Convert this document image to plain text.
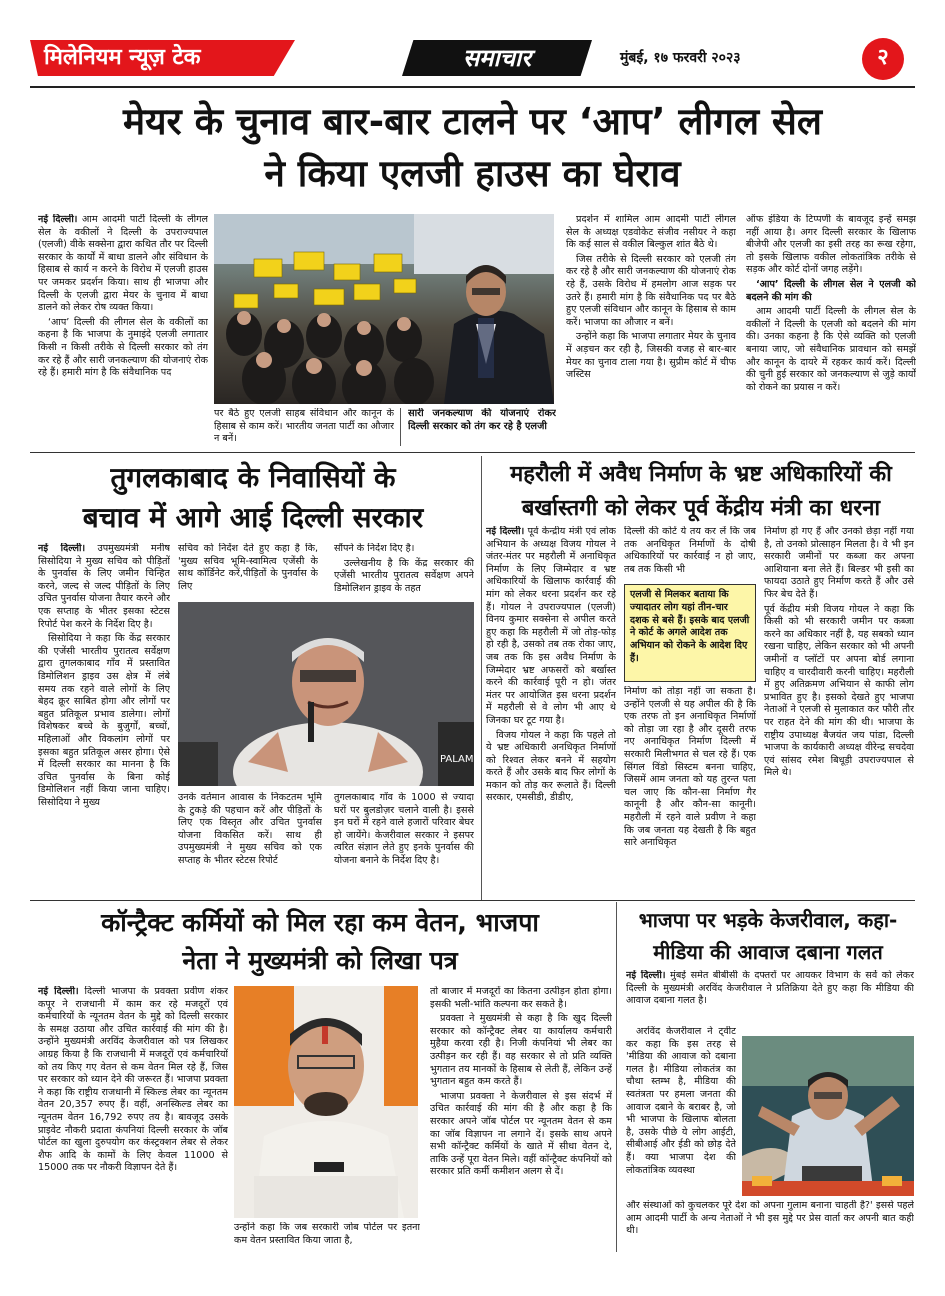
मिलेनियम न्यूज़ टेक	समाचार	मुंबई, १७ फरवरी २०२३	२
मेयर के चुनाव बार-बार टालने पर ‘आप’ लीगल सेल
ने किया एलजी हाउस का घेराव

नई दिल्ली। आम आदमी पार्टी दिल्ली के लीगल सेल के वकीलों ने दिल्ली के उपराज्यपाल (एलजी) वीके सक्सेना द्वारा कथित तौर पर दिल्ली सरकार के कार्यों में बाधा डालने और संविधान के हिसाब से कार्य न करने के विरोध में एलजी हाउस पर जमकर प्रदर्शन किया। साथ ही भाजपा और दिल्ली के एलजी द्वारा मेयर के चुनाव में बाधा डालने को लेकर रोष व्यक्त किया।

‘आप’ दिल्ली की लीगल सेल के वकीलों का कहना है कि भाजपा के नुमाइंदे एलजी लगातार किसी न किसी तरीके से दिल्ली सरकार को तंग कर रहे हैं और सारी जनकल्याण की योजनाएं रोक रहे हैं। हमारी मांग है कि संवैधानिक पद

पर बैठे हुए एलजी साहब संविधान और कानून के हिसाब से काम करें। भारतीय जनता पार्टी का औजार न बनें।
सारी जनकल्याण की योजनाएं रोकर दिल्ली सरकार को तंग कर रहे है एलजी

प्रदर्शन में शामिल आम आदमी पार्टी लीगल सेल के अध्यक्ष एडवोकेट संजीव नसीयर ने कहा कि कई साल से वकील बिल्कुल शांत बैठे थे।

जिस तरीके से दिल्ली सरकार को एलजी तंग कर रहे है और सारी जनकल्याण की योजनाएं रोक रहे हैं, उसके विरोध में हमलोग आज सड़क पर उतरे हैं। हमारी मांग है कि संवैधानिक पद पर बैठे हुए एलजी संविधान और कानून के हिसाब से काम करें। भाजपा का औजार न बनें।

उन्होंने कहा कि भाजपा लगातार मेयर के चुनाव में अड़चन कर रही है, जिसकी वजह से बार-बार मेयर का चुनाव टाला गया है। सुप्रीम कोर्ट में चीफ जस्टिस

ऑफ इंडिया के टिप्पणी के बावजूद इन्हें समझ नहीं आया है। अगर दिल्ली सरकार के खिलाफ बीजेपी और एलजी का इसी तरह का रूख रहेगा, तो इसके खिलाफ वकील लोकतांत्रिक तरीके से सड़क और कोर्ट दोनों जगह लड़ेंगे।

‘आप’ दिल्ली के लीगल सेल ने एलजी को बदलने की मांग की

आम आदमी पार्टी दिल्ली के लीगल सेल के वकीलों ने दिल्ली के एलजी को बदलने की मांग की। उनका कहना है कि ऐसे व्यक्ति को एलजी बनाया जाए, जो संवैधानिक प्रावधान को समझें और कानून के दायरे में रहकर कार्य करें। दिल्ली की चुनी हुई सरकार को जनकल्याण से जुड़े कार्यों को रोकने का प्रयास न करें।

तुगलकाबाद के निवासियों के
बचाव में आगे आई दिल्ली सरकार

नई दिल्ली। उपमुख्यमंत्री मनीष सिसोदिया ने मुख्य सचिव को पीड़ितों के पुनर्वास के लिए जमीन चिन्हित करने, जल्द से जल्द पीड़ितों के लिए उचित पुनर्वास योजना तैयार करने और एक सप्ताह के भीतर इसका स्टेटस रिपोर्ट पेश करने के निर्देश दिए है।

सिसोदिया ने कहा कि केंद्र सरकार की एजेंसी भारतीय पुरातत्व सर्वेक्षण द्वारा तुगलकाबाद गाँव में प्रस्तावित डिमोलिशन ड्राइव उस क्षेत्र में लंबे समय तक रहने वाले लोगों के लिए बेहद क्रूर साबित होगा और लोगों पर बहुत प्रतिकूल प्रभाव डालेगा। लोगों विशेषकर बच्चे के बुजुर्गों, बच्चों, महिलाओं और विकलांग लोगों पर इसका बहुत प्रतिकूल असर होगा। ऐसे में दिल्ली सरकार का मानना है कि उचित पुनर्वास के बिना कोई डिमोलिशन नहीं किया जाना चाहिए। सिसोदिया ने मुख्य

सचिव को निर्देश देते हुए कहा है कि, 'मुख्य सचिव भूमि-स्वामित्व एजेंसी के साथ कॉर्डिनेट करें,पीड़ितों के पुनर्वास के लिए

सौंपने के निर्देश दिए है।

उल्लेखनीय है कि केंद्र सरकार की एजेंसी भारतीय पुरातत्व सर्वेक्षण अपने डिमोलिशन ड्राइव के तहत

PALAM
उनके वर्तमान आवास के निकटतम भूमि के टुकड़े की पहचान करें और पीड़ितों के लिए एक विस्तृत और उचित पुनर्वास योजना विकसित करें। साथ ही उपमुख्यमंत्री ने मुख्य सचिव को एक सप्ताह के भीतर स्टेटस रिपोर्ट
तुगलकाबाद गाँव के 1000 से ज्यादा घरों पर बुलडोज़र चलाने वाली है। इससे इन घरों में रहने वाले हजारों परिवार बेघर हो जायेंगे। केजरीवाल सरकार ने इसपर त्वरित संज्ञान लेते हुए इनके पुनर्वास की योजना बनाने के निर्देश दिए है।
महरौली में अवैध निर्माण के भ्रष्ट अधिकारियों की
बर्खास्तगी को लेकर पूर्व केंद्रीय मंत्री का धरना

नई दिल्ली। पूर्व केन्द्रीय मंत्री एवं लोक अभियान के अध्यक्ष विजय गोयल ने जंतर-मंतर पर महरौली में अनाधिकृत निर्माण के लिए जिम्मेदार व भ्रष्ट अधिकारियों के खिलाफ कार्रवाई की मांग को लेकर धरना प्रदर्शन कर रहे हैं। गोयल ने उपराज्यपाल (एलजी) विनय कुमार सक्सेना से अपील करते हुए कहा कि महरौली में जो तोड़-फोड़ हो रही है, उसको तब तक रोका जाए, जब तक कि इस अवैध निर्माण के जिम्मेदार भ्रष्ट अफसरों को बर्खास्त करने की कार्रवाई पूरी न हो। जंतर मंतर पर आयोजित इस धरना प्रदर्शन में महरौली से वे लोग भी आए थे जिनका घर टूट गया है।

विजय गोयल ने कहा कि पहले तो ये भ्रष्ट अधिकारी अनधिकृत निर्माणों को रिश्वत लेकर बनने में सहयोग करते हैं और उसके बाद फिर लोगों के मकान को तोड़ कर रूलाते हैं। दिल्ली सरकार, एमसीडी, डीडीए,

दिल्ली की कोर्ट ये तय कर लें कि जब तक अनधिकृत निर्माणों के दोषी अधिकारियों पर कार्रवाई न हो जाए, तब तक किसी भी
एलजी से मिलकर बताया कि ज्यादातर लोग यहां तीन-चार दशक से बसे हैं। इसके बाद एलजी ने कोर्ट के अगले आदेश तक अभियान को रोकने के आदेश दिए हैं।
निर्माण को तोड़ा नहीं जा सकता है। उन्होंने एलजी से यह अपील की है कि एक तरफ तो इन अनाधिकृत निर्माणों को तोड़ा जा रहा है और दूसरी तरफ नए अनाधिकृत निर्माण दिल्ली में सरकारी मिलीभगत से चल रहे हैं। एक सिंगल विंडो सिस्टम बनना चाहिए, जिसमें आम जनता को यह तुरन्त पता चल जाए कि कौन-सा निर्माण गैर कानूनी है और कौन-सा कानूनी। महरौली में रहने वाले प्रवीण ने कहा कि जब जनता यह देखती है कि बहुत सारे अनाधिकृत

निर्माण हो गए हैं और उनको छेड़ा नहीं गया है, तो उनको प्रोत्साहन मिलता है। वे भी इन सरकारी जमीनों पर कब्जा कर अपना आशियाना बना लेते हैं। बिल्डर भी इसी का फायदा उठाते हुए निर्माण करते हैं और उसे फिर बेच देते हैं।

पूर्व केंद्रीय मंत्री विजय गोयल ने कहा कि किसी को भी सरकारी जमीन पर कब्जा करने का अधिकार नहीं है, यह सबको ध्यान रखना चाहिए, लेकिन सरकार को भी अपनी जमीनों व प्लॉटों पर अपना बोर्ड लगाना चाहिए व चारदीवारी करनी चाहिए। महरौली में हुए अतिक्रमण अभियान से काफी लोग प्रभावित हुए है। इसको देखते हुए भाजपा नेताओं ने एलजी से मुलाकात कर फौरी तौर पर राहत देने की मांग की थी। भाजपा के राष्ट्रीय उपाध्यक्ष बैजयंत जय पांडा, दिल्ली भाजपा के कार्यकारी अध्यक्ष वीरेन्द्र सचदेवा एवं सांसद रमेश बिधूड़ी उपराज्यपाल से मिले थे।

कॉन्ट्रैक्ट कर्मियों को मिल रहा कम वेतन, भाजपा
नेता ने मुख्यमंत्री को लिखा पत्र

नई दिल्ली। दिल्ली भाजपा के प्रवक्ता प्रवीण शंकर कपूर ने राजधानी में काम कर रहे मजदूरों एवं कर्मचारियों के न्यूनतम वेतन के मुद्दे को दिल्ली सरकार के समक्ष उठाया और उचित कार्रवाई की मांग की है। उन्होंने मुख्यमंत्री अरविंद केजरीवाल को पत्र लिखकर आग्रह किया है कि राजधानी में मजदूरों एवं कर्मचारियों को तय किए गए वेतन से कम वेतन मिल रहे हैं, जिस पर सरकार को ध्यान देने की जरूरत हैं। भाजपा प्रवक्ता ने कहा कि राष्ट्रीय राजधानी में स्किल्ड लेबर का न्यूनतम वेतन 20,357 रुपए हैं। वहीं, अनस्किल्ड लेबर का न्यूनतम वेतन 16,792 रुपए तय है। बावजूद उसके प्राइवेट नौकरी प्रदाता कंपनियां दिल्ली सरकार के जॉब पोर्टल का खुला दुरुपयोग कर कंस्ट्रक्शन लेबर से लेकर शैफ आदि के कामों के लिए केवल 11000 से 15000 तक पर नौकरी विज्ञापन देते हैं।

उन्होंने कहा कि जब सरकारी जोब पोर्टल पर इतना कम वेतन प्रस्तावित किया जाता है,

तो बाजार में मजदूरों का कितना उत्पीड़न होता होगा। इसकी भली-भांति कल्पना कर सकते है।

प्रवक्ता ने मुख्यमंत्री से कहा है कि खुद दिल्ली सरकार को कॉन्ट्रैक्ट लेबर या कार्यालय कर्मचारी मुहैया करवा रही है। निजी कंपनियां भी लेबर का उत्पीड़न कर रही हैं। वह सरकार से तो प्रति व्यक्ति भुगतान तय मानकों के हिसाब से लेती हैं, लेकिन उन्हें भुगतान बहुत कम करते हैं।

भाजपा प्रवक्ता ने केजरीवाल से इस संदर्भ में उचित कार्रवाई की मांग की है और कहा है कि सरकार अपने जॉब पोर्टल पर न्यूनतम वेतन से कम का जॉब विज्ञापन ना लगाने दें। इसके साथ अपने सभी कॉन्ट्रैक्ट कर्मियों के खाते में सीधा वेतन दे, ताकि उन्हें पूरा वेतन मिले। वहीं कॉन्ट्रैक्ट कंपनियों को सरकार प्रति कर्मी कमीशन अलग से दें।

भाजपा पर भड़के केजरीवाल, कहा-
मीडिया की आवाज दबाना गलत

नई दिल्ली। मुंबई समेत बीबीसी के दफ्तरों पर आयकर विभाग के सर्वे को लेकर दिल्ली के मुख्यमंत्री अरविंद केजरीवाल ने प्रतिक्रिया देते हुए कहा कि मीडिया की आवाज दबाना गलत है।

अरविंद केजरीवाल ने ट्वीट कर कहा कि इस तरह से 'मीडिया की आवाज को दबाना गलत है। मीडिया लोकतंत्र का चौथा स्तम्भ है, मीडिया की स्वतंत्रता पर हमला जनता की आवाज दबाने के बराबर है, जो भी भाजपा के खिलाफ बोलता है, उसके पीछे ये लोग आईटी, सीबीआई और ईडी को छोड़ देते हैं। क्या भाजपा देश की लोकतांत्रिक व्यवस्था
और संस्थाओं को कुचलकर पूरे देश को अपना गुलाम बनाना चाहती है?' इससे पहले आम आदमी पार्टी के अन्य नेताओं ने भी इस मुद्दे पर प्रेस वार्ता कर अपनी बात कही थी।
